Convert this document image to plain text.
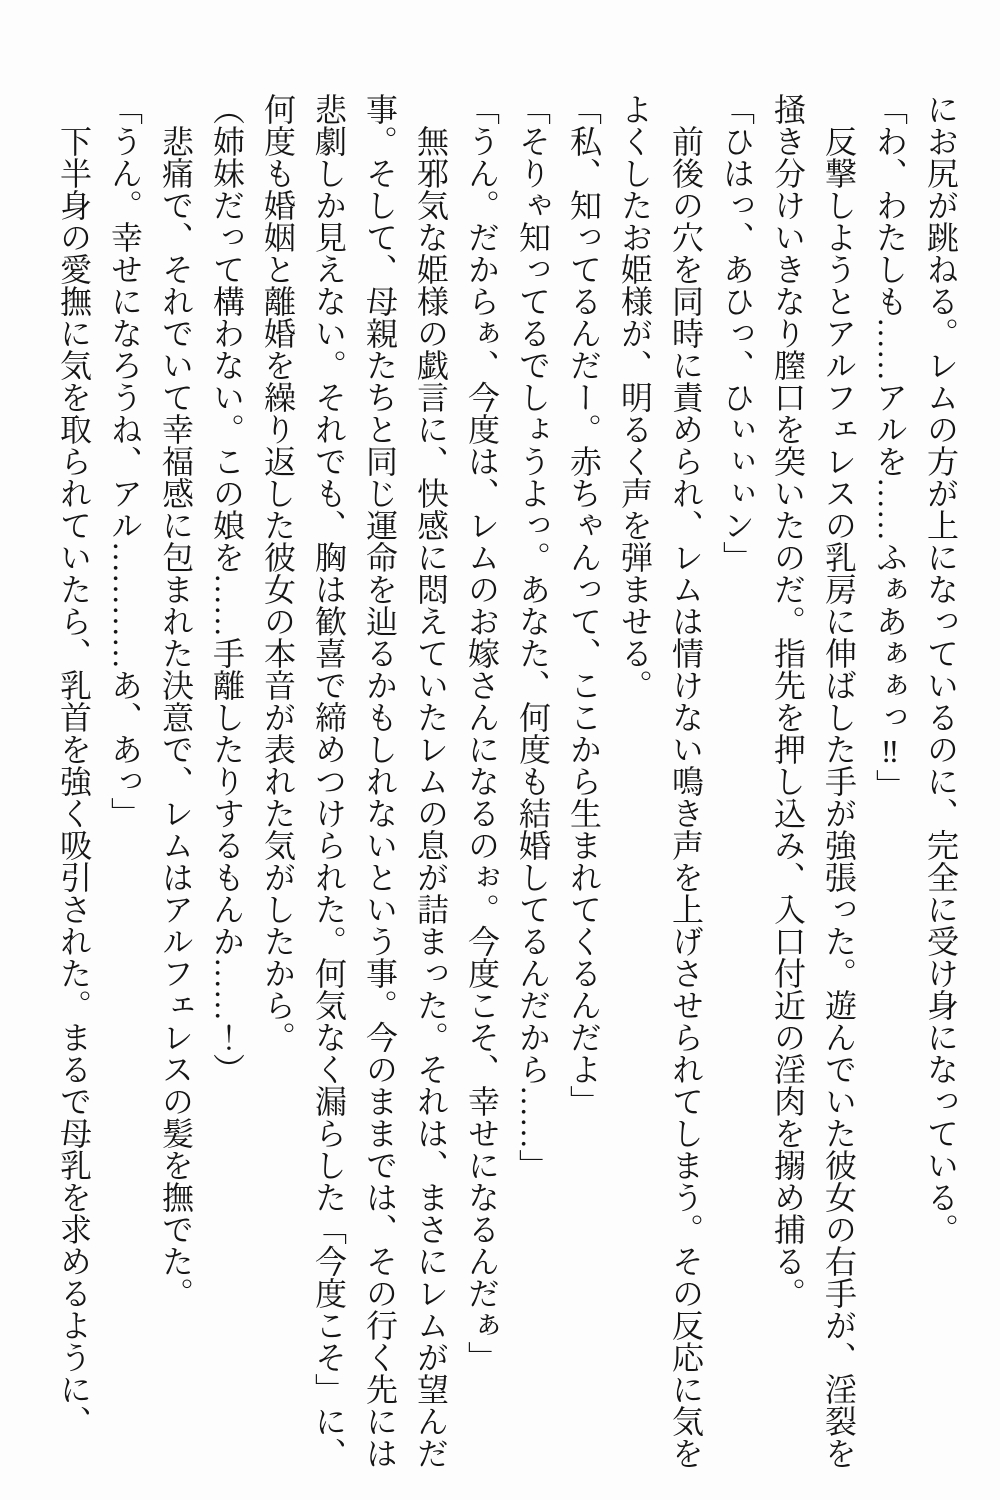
にお尻が跳ねる。レムの方が上になっているのに、完全に受け身になっている。

「わ、わたしも……アルを……ふぁあぁぁっ‼」

反撃しようとアルフェレスの乳房に伸ばした手が強張った。遊んでいた彼女の右手が、淫裂を掻き分けいきなり膣口を突いたのだ。指先を押し込み、入口付近の淫肉を搦め捕る。

「ひはっ、あひっ、ひぃぃぃン」

前後の穴を同時に責められ、レムは情けない鳴き声を上げさせられてしまう。その反応に気をよくしたお姫様が、明るく声を弾ませる。

「私、知ってるんだー。赤ちゃんって、ここから生まれてくるんだよ」

「そりゃ知ってるでしょうよっ。あなた、何度も結婚してるんだから……」

「うん。だからぁ、今度は、レムのお嫁さんになるのぉ。今度こそ、幸せになるんだぁ」

無邪気な姫様の戯言に、快感に悶えていたレムの息が詰まった。それは、まさにレムが望んだ事。そして、母親たちと同じ運命を辿るかもしれないという事。今のままでは、その行く先には悲劇しか見えない。それでも、胸は歓喜で締めつけられた。何気なく漏らした「今度こそ」に、何度も婚姻と離婚を繰り返した彼女の本音が表れた気がしたから。

（姉妹だって構わない。この娘を……手離したりするもんか……！）

悲痛で、それでいて幸福感に包まれた決意で、レムはアルフェレスの髪を撫でた。

「うん。幸せになろうね、アル…………あ、あっ」

下半身の愛撫に気を取られていたら、乳首を強く吸引された。まるで母乳を求めるように、
